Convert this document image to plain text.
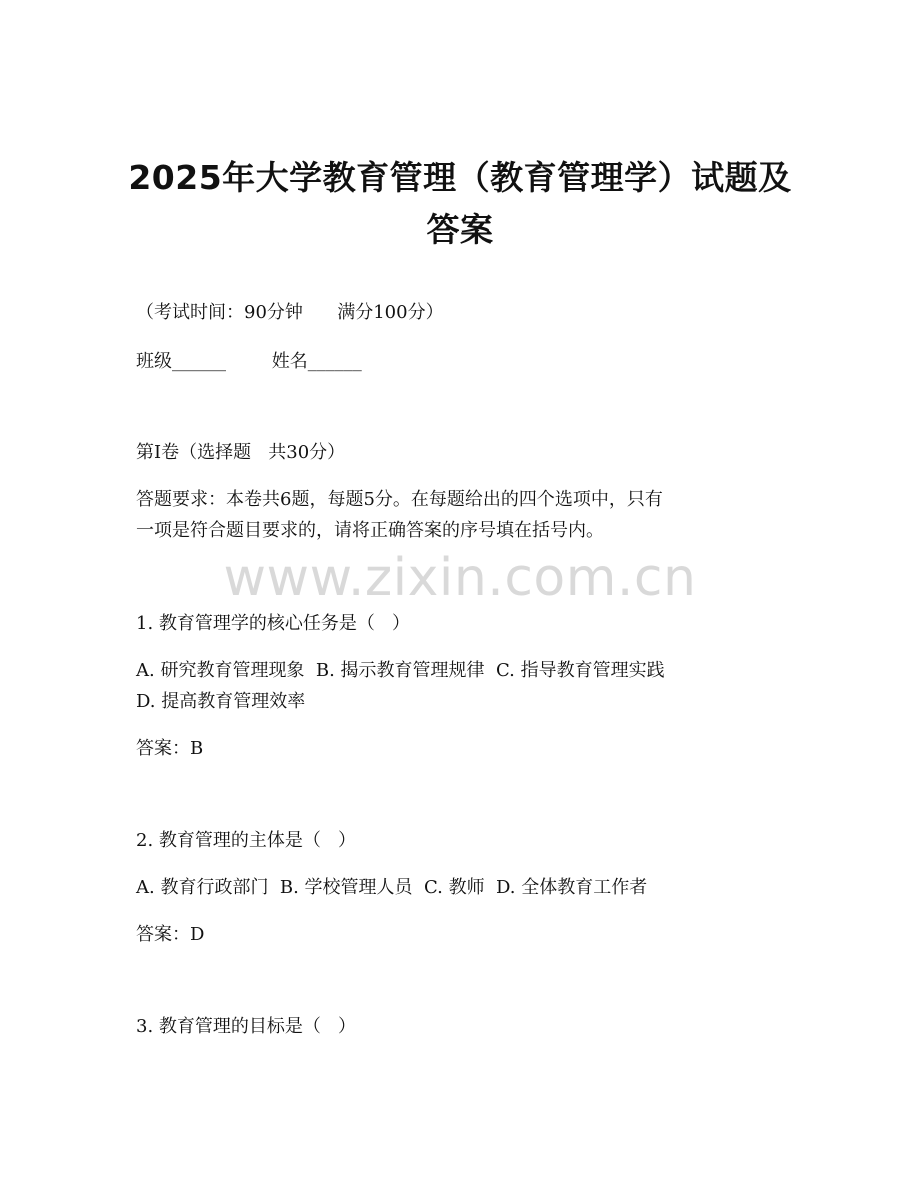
2025年大学教育管理（教育管理学）试题及
答案
（考试时间：90分钟      满分100分）
班级______        姓名______
第I卷（选择题   共30分）
答题要求：本卷共6题，每题5分。在每题给出的四个选项中，只有
一项是符合题目要求的，请将正确答案的序号填在括号内。
www.zixin.com.cn
1. 教育管理学的核心任务是（   ）
A. 研究教育管理现象  B. 揭示教育管理规律  C. 指导教育管理实践
D. 提高教育管理效率
答案：B
2. 教育管理的主体是（   ）
A. 教育行政部门  B. 学校管理人员  C. 教师  D. 全体教育工作者
答案：D
3. 教育管理的目标是（   ）
